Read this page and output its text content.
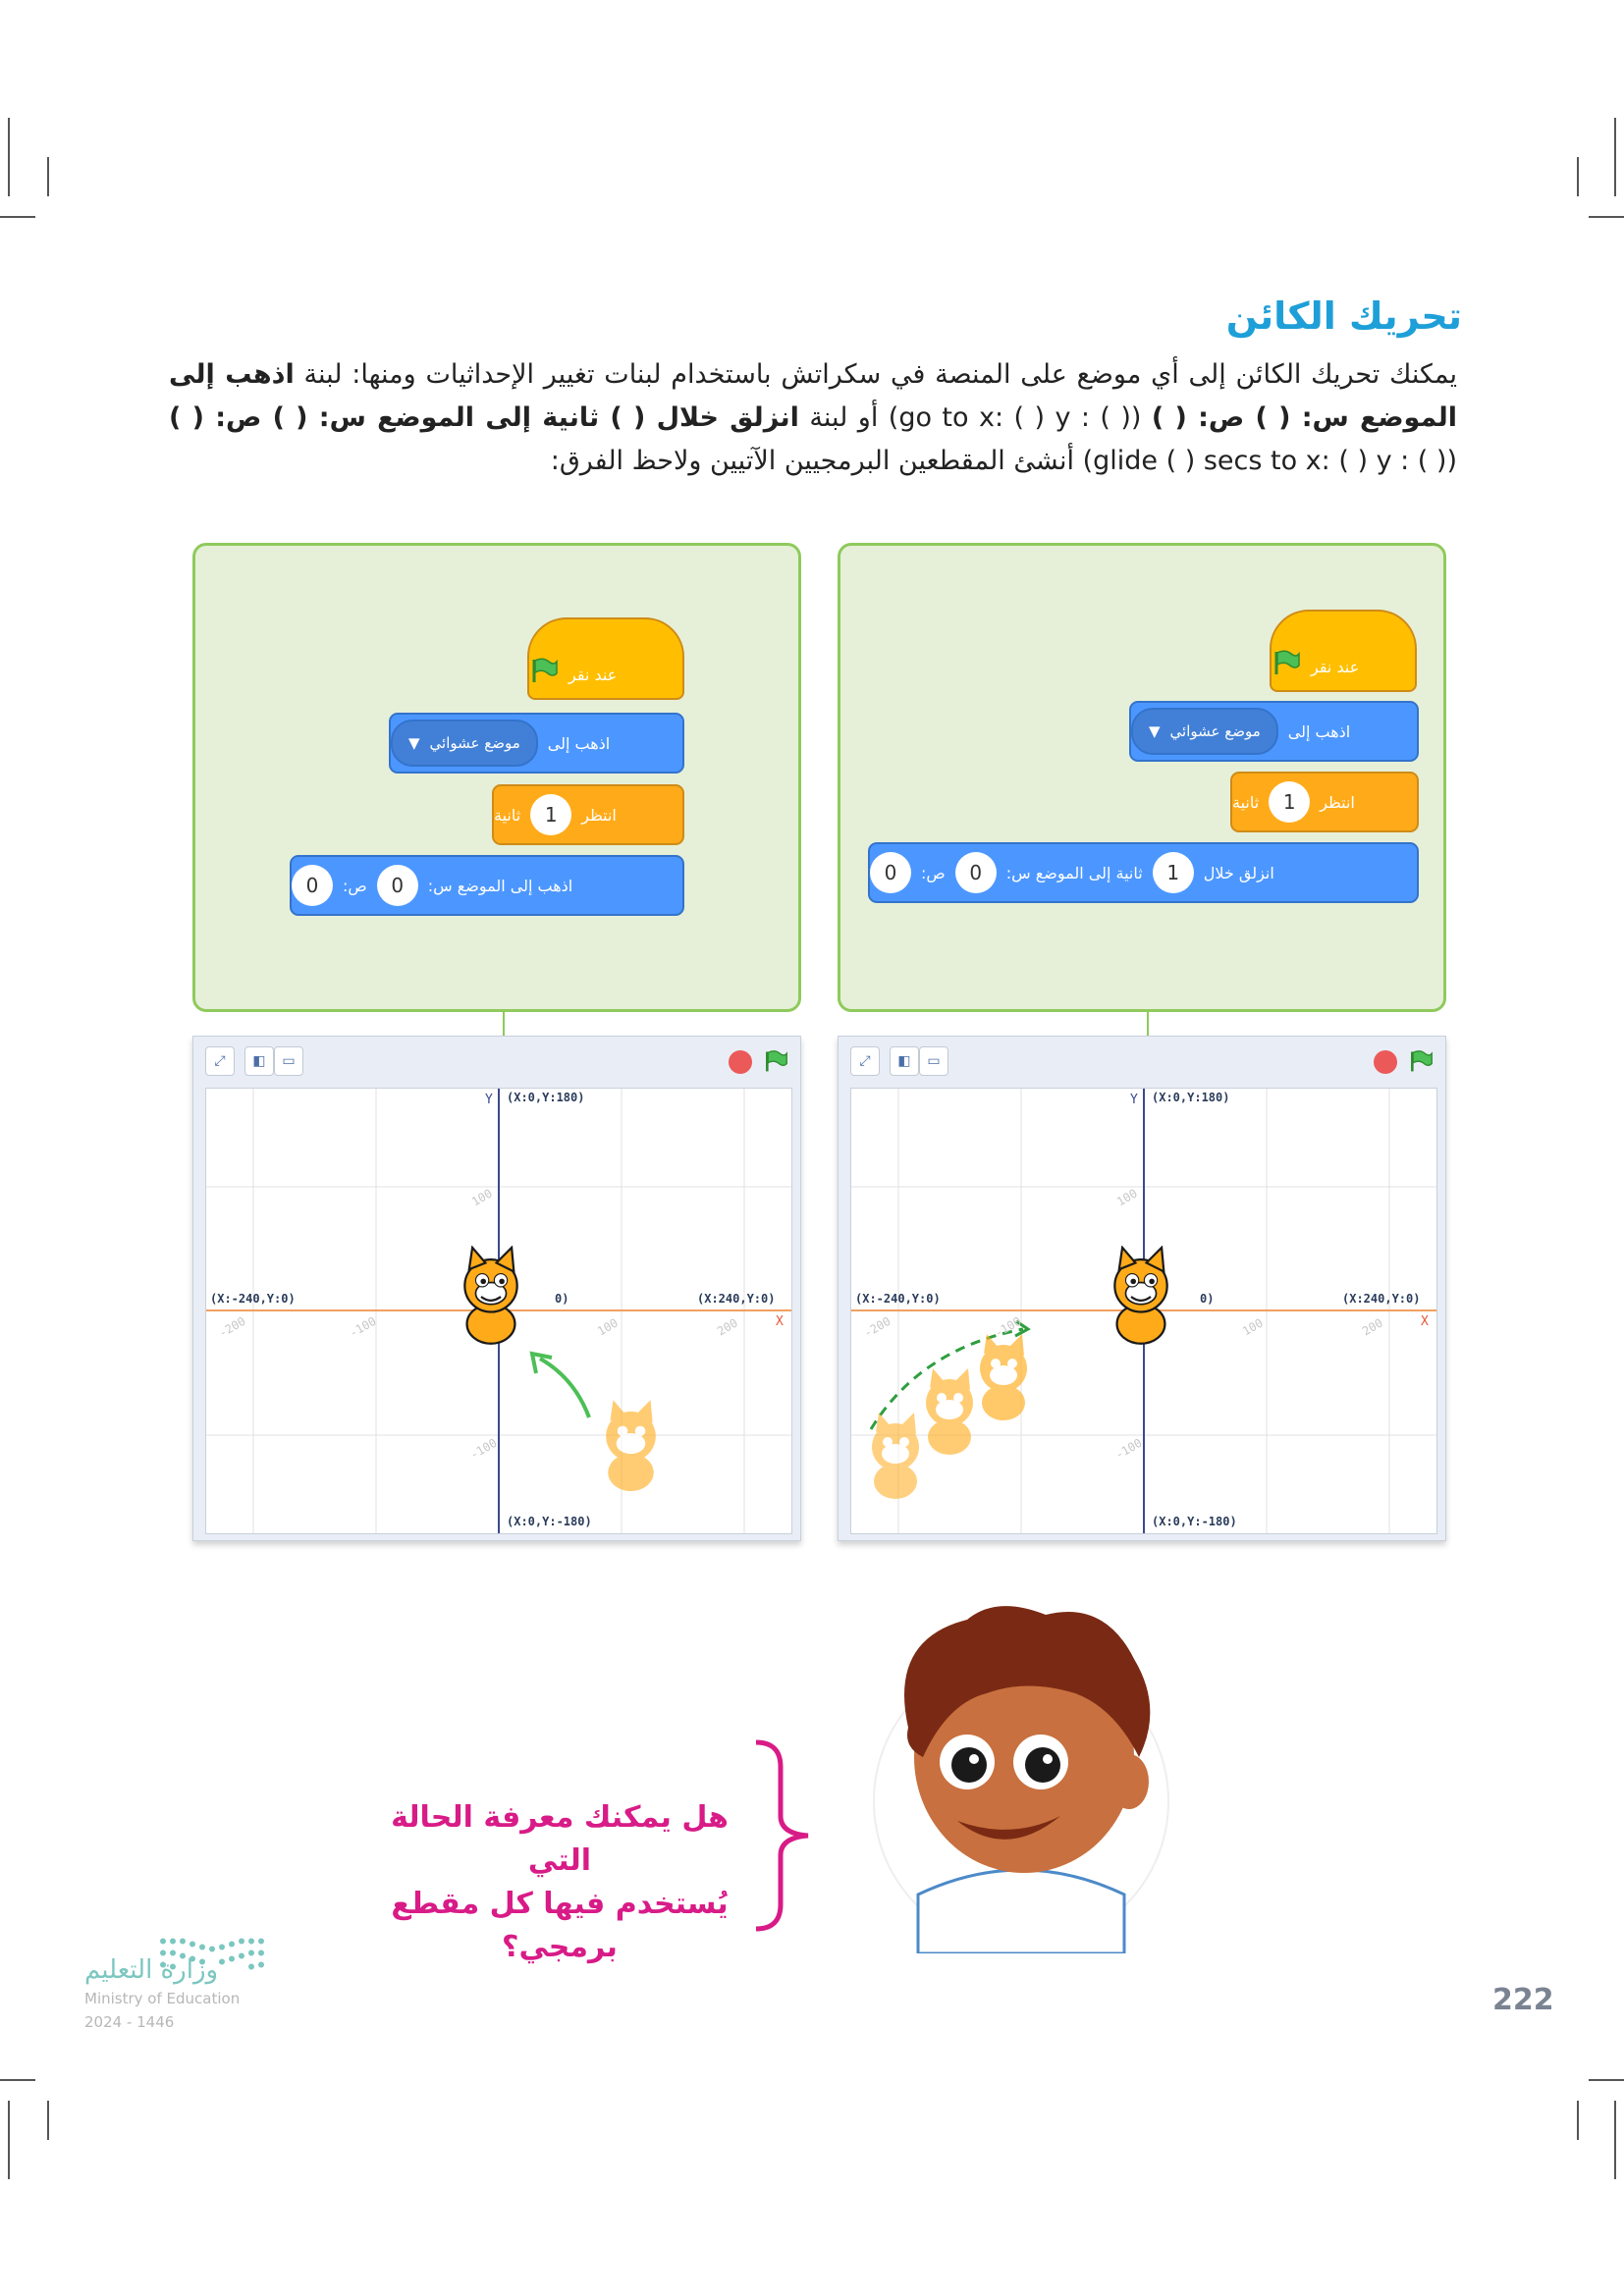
تحريك الكائن
يمكنك تحريك الكائن إلى أي موضع على المنصة في سكراتش باستخدام لبنات تغيير الإحداثيات ومنها: لبنة اذهب إلى الموضع س: ( ) ص: ( ) (go to x: ( ) y : ( )) أو لبنة انزلق خلال ( ) ثانية إلى الموضع س: ( ) ص: ( ) (glide ( ) secs to x: ( ) y : ( )) أنشئ المقطعين البرمجيين الآتيين ولاحظ الفرق:
عند نقر
اذهب إلى
موضع عشوائي
▼
انتظر
1
ثانية
انزلق خلال
1
ثانية إلى الموضع س:
0
ص:
0
عند نقر
اذهب إلى
موضع عشوائي
▼
انتظر
1
ثانية
اذهب إلى الموضع س:
0
ص:
0
⤢	◧	▭
(X:0,Y:180)
(X:0,Y:-180)
(X:-240,Y:0)	(X:240,Y:0)
0)
X
Y
-200	-100	100	200
100
-100
⤢	◧	▭
(X:0,Y:180)
(X:0,Y:-180)
(X:-240,Y:0)	(X:240,Y:0)
0)
X
Y
-200	-100	100	200
100
-100
هل يمكنك معرفة الحالة التي
يُستخدم فيها كل مقطع برمجي؟
وزارة التعليم
Ministry of Education
2024 - 1446
222
